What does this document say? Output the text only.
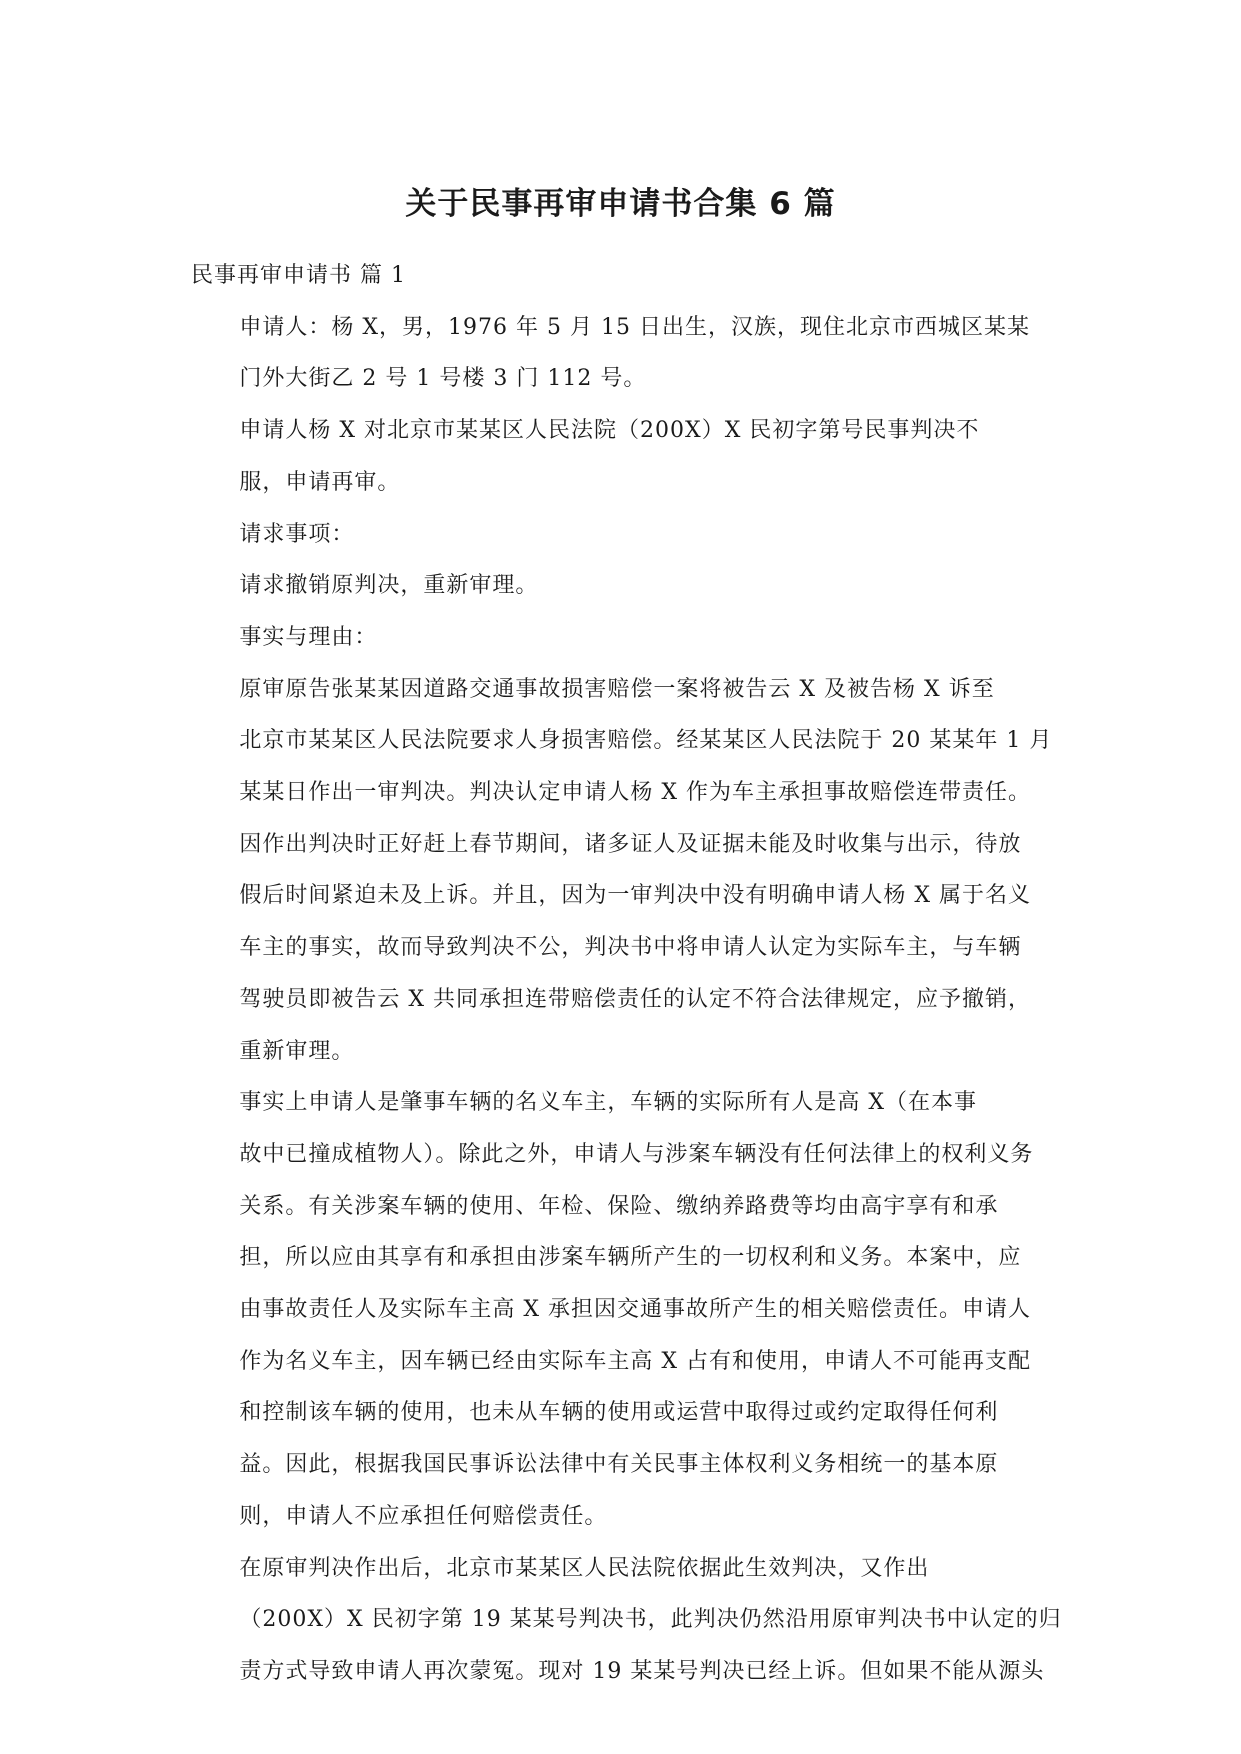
关于民事再审申请书合集 6 篇

民事再审申请书 篇 1

申请人：杨 X，男，1976 年 5 月 15 日出生，汉族，现住北京市西城区某某
门外大街乙 2 号 1 号楼 3 门 112 号。

申请人杨 X 对北京市某某区人民法院（200X）X 民初字第号民事判决不
服，申请再审。

请求事项：

请求撤销原判决，重新审理。

事实与理由：

原审原告张某某因道路交通事故损害赔偿一案将被告云 X 及被告杨 X 诉至
北京市某某区人民法院要求人身损害赔偿。经某某区人民法院于 20 某某年 1 月
某某日作出一审判决。判决认定申请人杨 X 作为车主承担事故赔偿连带责任。
因作出判决时正好赶上春节期间，诸多证人及证据未能及时收集与出示，待放
假后时间紧迫未及上诉。并且，因为一审判决中没有明确申请人杨 X 属于名义
车主的事实，故而导致判决不公，判决书中将申请人认定为实际车主，与车辆
驾驶员即被告云 X 共同承担连带赔偿责任的认定不符合法律规定，应予撤销，
重新审理。

事实上申请人是肇事车辆的名义车主，车辆的实际所有人是高 X（在本事
故中已撞成植物人）。除此之外，申请人与涉案车辆没有任何法律上的权利义务
关系。有关涉案车辆的使用、年检、保险、缴纳养路费等均由高宇享有和承
担，所以应由其享有和承担由涉案车辆所产生的一切权利和义务。本案中，应
由事故责任人及实际车主高 X 承担因交通事故所产生的相关赔偿责任。申请人
作为名义车主，因车辆已经由实际车主高 X 占有和使用，申请人不可能再支配
和控制该车辆的使用，也未从车辆的使用或运营中取得过或约定取得任何利
益。因此，根据我国民事诉讼法律中有关民事主体权利义务相统一的基本原
则，申请人不应承担任何赔偿责任。

在原审判决作出后，北京市某某区人民法院依据此生效判决，又作出
（200X）X 民初字第 19 某某号判决书，此判决仍然沿用原审判决书中认定的归
责方式导致申请人再次蒙冤。现对 19 某某号判决已经上诉。但如果不能从源头
